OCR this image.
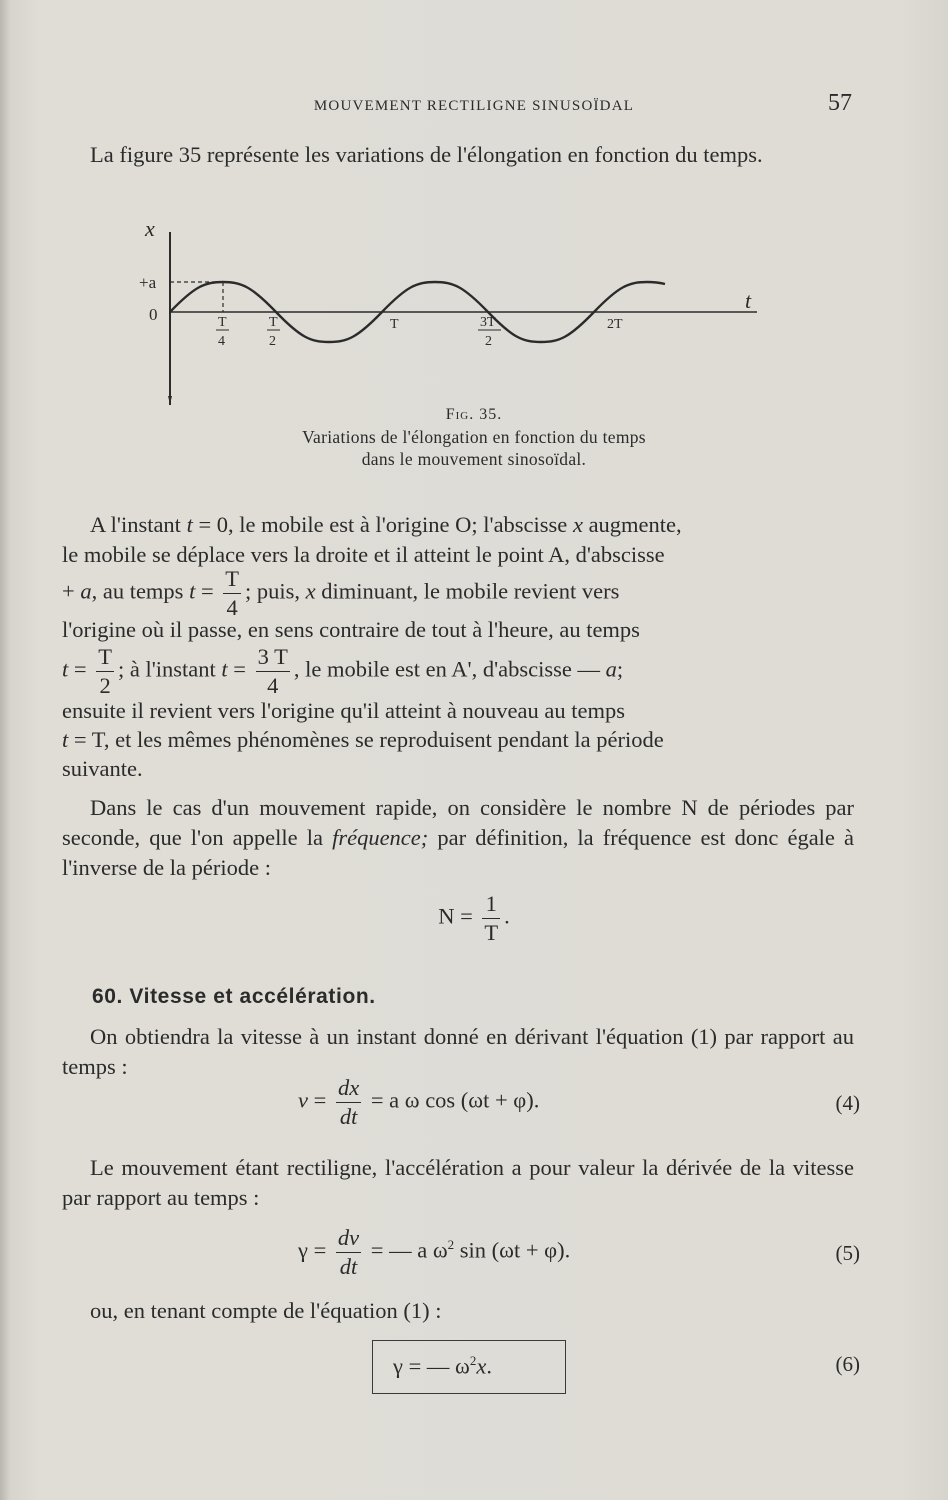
MOUVEMENT RECTILIGNE SINUSOÏDAL	57
La figure 35 représente les variations de l'élongation en fonction du temps.
x
t
+a
0	T
4
T
2
T	3T
2
2T
Fig. 35.
Variations de l'élongation en fonction du temps
dans le mouvement sinosoïdal.
A l'instant t = 0, le mobile est à l'origine O; l'abscisse x augmente,
le mobile se déplace vers la droite et il atteint le point A, d'abscisse
+ a, au temps $t = \frac{T}{4}$ ; puis, x diminuant, le mobile revient vers
l'origine où il passe, en sens contraire de tout à l'heure, au temps
$t = \frac{T}{2}$ ; à l'instant $t = \frac{3 T}{4}$ , le mobile est en A', d'abscisse — a;
ensuite il revient vers l'origine qu'il atteint à nouveau au temps
t = T, et les mêmes phénomènes se reproduisent pendant la période
suivante.
Dans le cas d'un mouvement rapide, on considère le nombre N de périodes par seconde, que l'on appelle la fréquence; par définition, la fréquence est donc égale à l'inverse de la période :
$N = \frac{1}{T}$ .
60. Vitesse et accélération.
On obtiendra la vitesse à un instant donné en dérivant l'équation (1) par rapport au temps :
$v = \frac{dx}{dt} = a$ ω cos (ωt + φ).	(4)
Le mouvement étant rectiligne, l'accélération a pour valeur la dérivée de la vitesse par rapport au temps :
$\gamma = \frac{dv}{dt}$ = — a $\omega^2$ sin (ωt + φ).	(5)
ou, en tenant compte de l'équation (1) :
γ = — $\omega^2x$.	(6)
